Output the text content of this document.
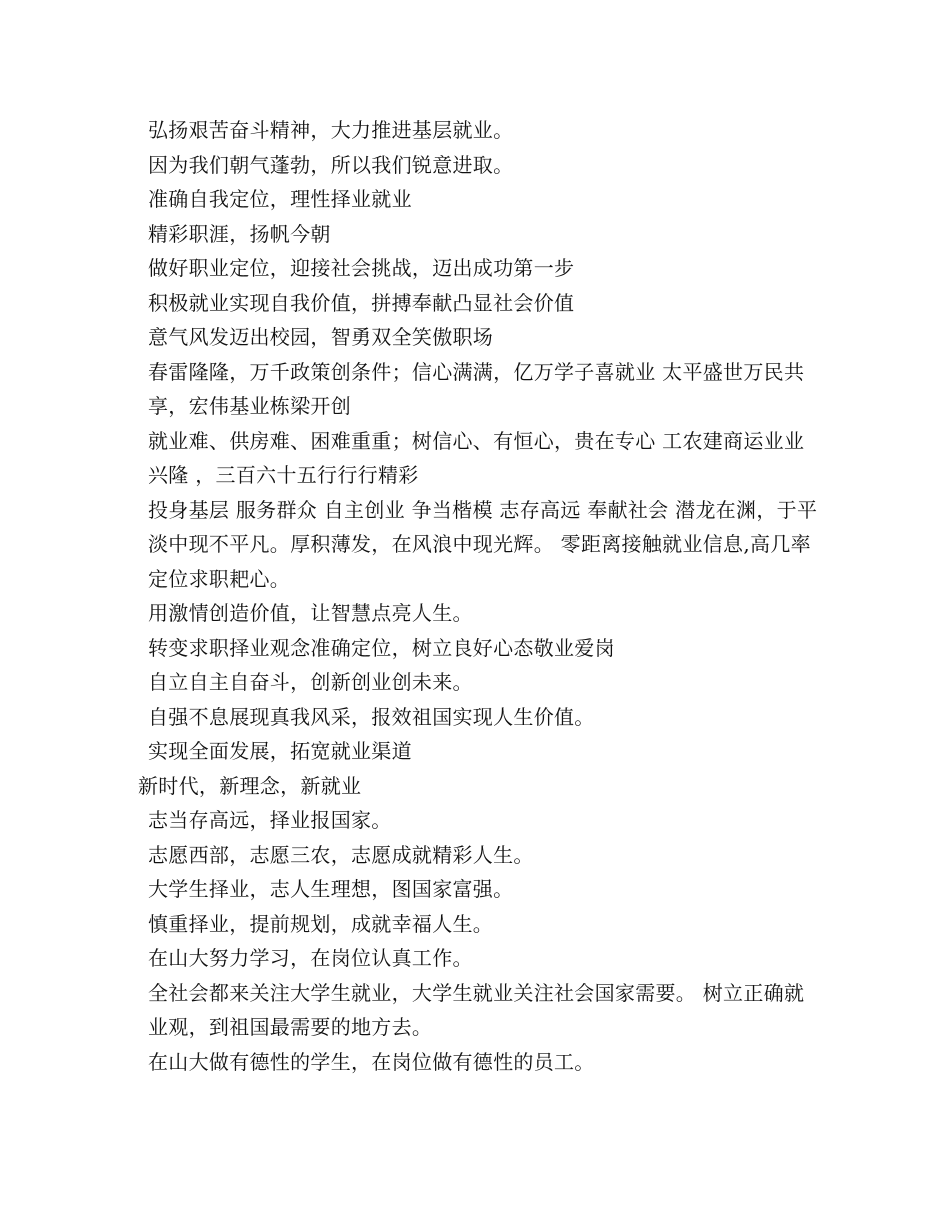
弘扬艰苦奋斗精神，大力推进基层就业。
因为我们朝气蓬勃，所以我们锐意进取。
准确自我定位，理性择业就业
精彩职涯，扬帆今朝
做好职业定位，迎接社会挑战，迈出成功第一步
积极就业实现自我价值，拼搏奉献凸显社会价值
意气风发迈出校园，智勇双全笑傲职场
春雷隆隆，万千政策创条件；信心满满，亿万学子喜就业 太平盛世万民共享，宏伟基业栋梁开创
就业难、供房难、困难重重；树信心、有恒心，贵在专心 工农建商运业业兴隆 ，三百六十五行行行精彩
投身基层 服务群众 自主创业 争当楷模 志存高远 奉献社会 潜龙在渊，于平淡中现不平凡。厚积薄发，在风浪中现光辉。 零距离接触就业信息,高几率定位求职耙心。
用激情创造价值，让智慧点亮人生。
转变求职择业观念准确定位，树立良好心态敬业爱岗
自立自主自奋斗，创新创业创未来。
自强不息展现真我风采，报效祖国实现人生价值。
实现全面发展，拓宽就业渠道
新时代，新理念，新就业
志当存高远，择业报国家。
志愿西部，志愿三农，志愿成就精彩人生。
大学生择业，志人生理想，图国家富强。
慎重择业，提前规划，成就幸福人生。
在山大努力学习，在岗位认真工作。
全社会都来关注大学生就业，大学生就业关注社会国家需要。 树立正确就业观，到祖国最需要的地方去。
在山大做有德性的学生，在岗位做有德性的员工。
